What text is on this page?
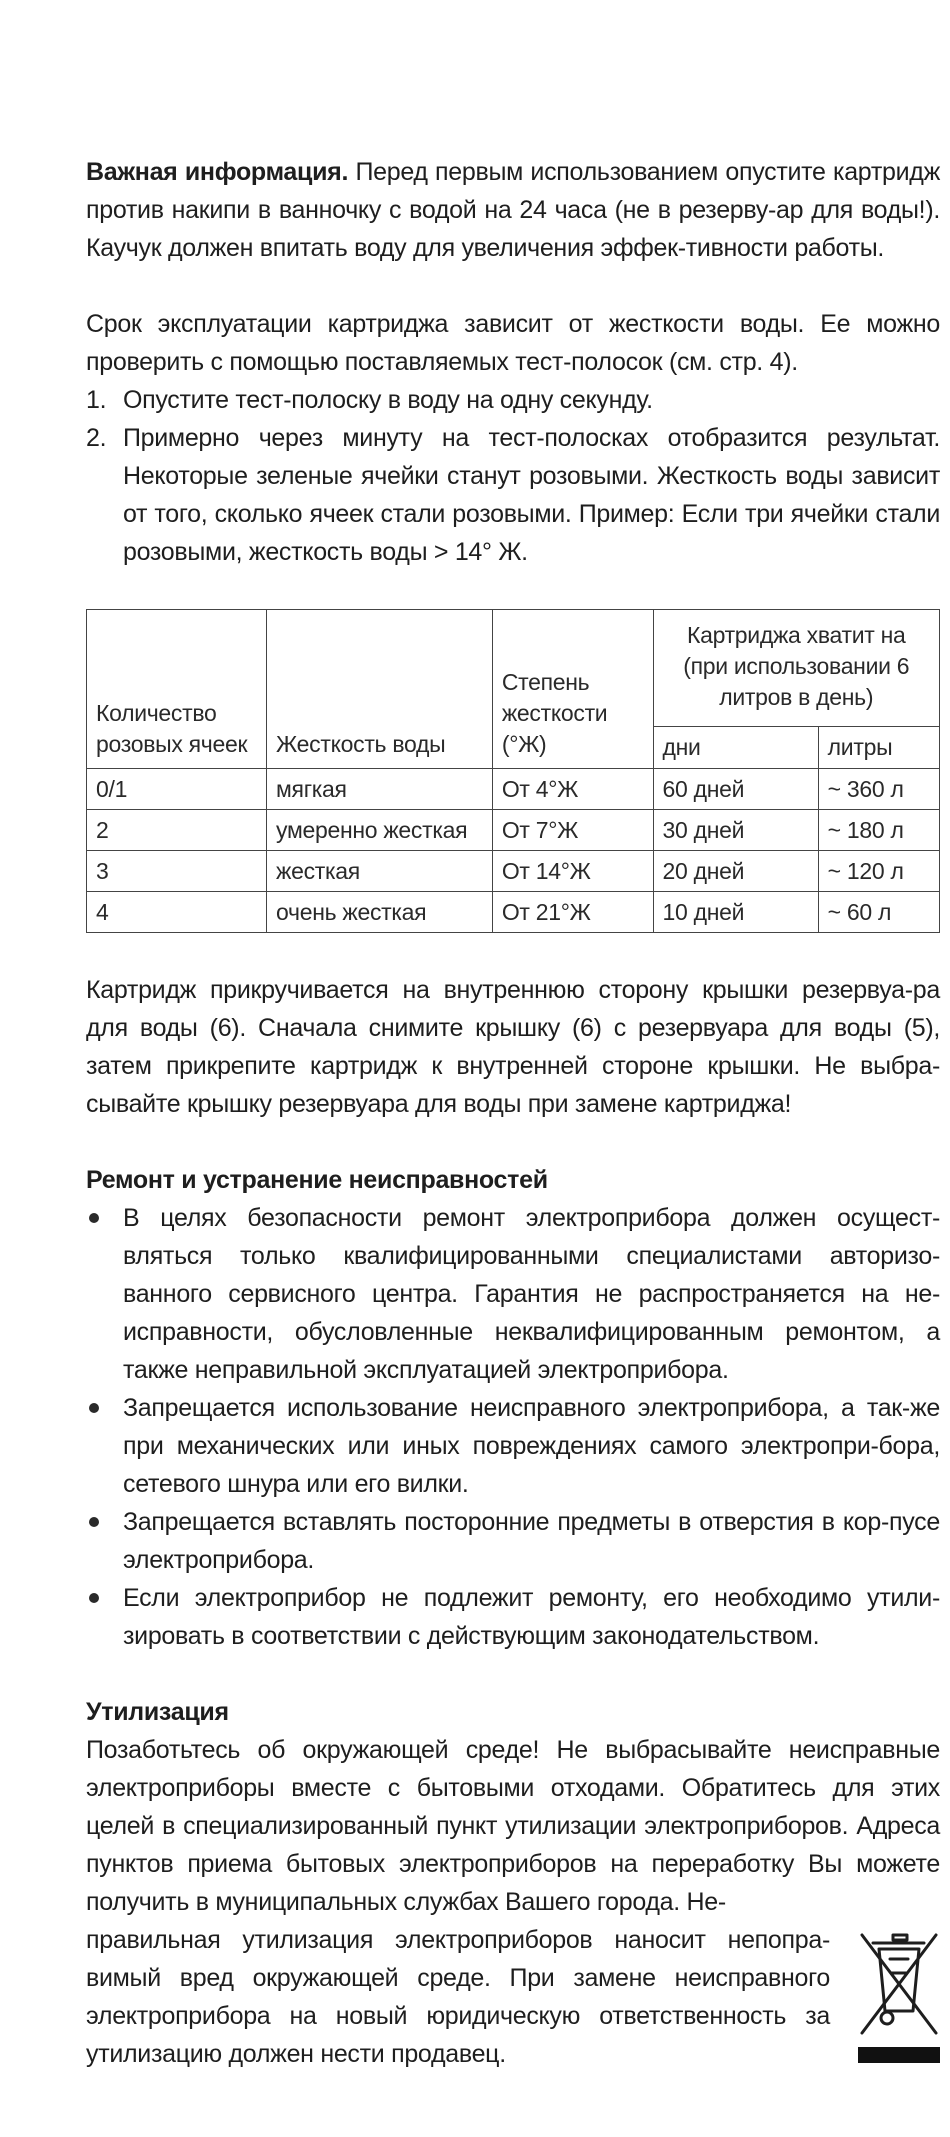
Важная информация. Перед первым использованием опустите картридж против накипи в ванночку с водой на 24 часа (не в резерву-ар для воды!). Каучук должен впитать воду для увеличения эффек-тивности работы.

Срок эксплуатации картриджа зависит от жесткости воды. Ее можно проверить с помощью поставляемых тест-полосок (см. стр. 4).

1. Опустите тест-полоску в воду на одну секунду.
2. Примерно через минуту на тест-полосках отобразится результат. Некоторые зеленые ячейки станут розовыми. Жесткость воды зависит от того, сколько ячеек стали розовыми. Пример: Если три ячейки стали розовыми, жесткость воды > 14° Ж.
Количество розовых ячеек	Жесткость воды	Степень жесткости (°Ж)	Картриджа хватит на (при использовании 6 литров в день)	
			дни	литры
0/1	мягкая	От 4°Ж	60 дней	~ 360 л
2	умеренно жесткая	От 7°Ж	30 дней	~ 180 л
3	жесткая	От 14°Ж	20 дней	~ 120 л
4	очень жесткая	От 21°Ж	10 дней	~ 60 л

Картридж прикручивается на внутреннюю сторону крышки резервуа-ра для воды (6). Сначала снимите крышку (6) с резервуара для воды (5), затем прикрепите картридж к внутренней стороне крышки. Не выбра-сывайте крышку резервуара для воды при замене картриджа!

Ремонт и устранение неисправностей
В целях безопасности ремонт электроприбора должен осущест-вляться только квалифицированными специалистами авторизо-ванного сервисного центра. Гарантия не распространяется на не-исправности, обусловленные неквалифицированным ремонтом, а также неправильной эксплуатацией электроприбора.
Запрещается использование неисправного электроприбора, а так-же при механических или иных повреждениях самого электропри-бора, сетевого шнура или его вилки.
Запрещается вставлять посторонние предметы в отверстия в кор-пусе электроприбора.
Если электроприбор не подлежит ремонту, его необходимо утили-зировать в соответствии с действующим законодательством.
Утилизация

Позаботьтесь об окружающей среде! Не выбрасывайте неисправные электроприборы вместе с бытовыми отходами. Обратитесь для этих целей в специализированный пункт утилизации электроприборов. Адреса пунктов приема бытовых электроприборов на переработку Вы можете получить в муниципальных службах Вашего города. Не-
правильная утилизация электроприборов наносит непопра-вимый вред окружающей среде. При замене неисправного электроприбора на новый юридическую ответственность за утилизацию должен нести продавец.
